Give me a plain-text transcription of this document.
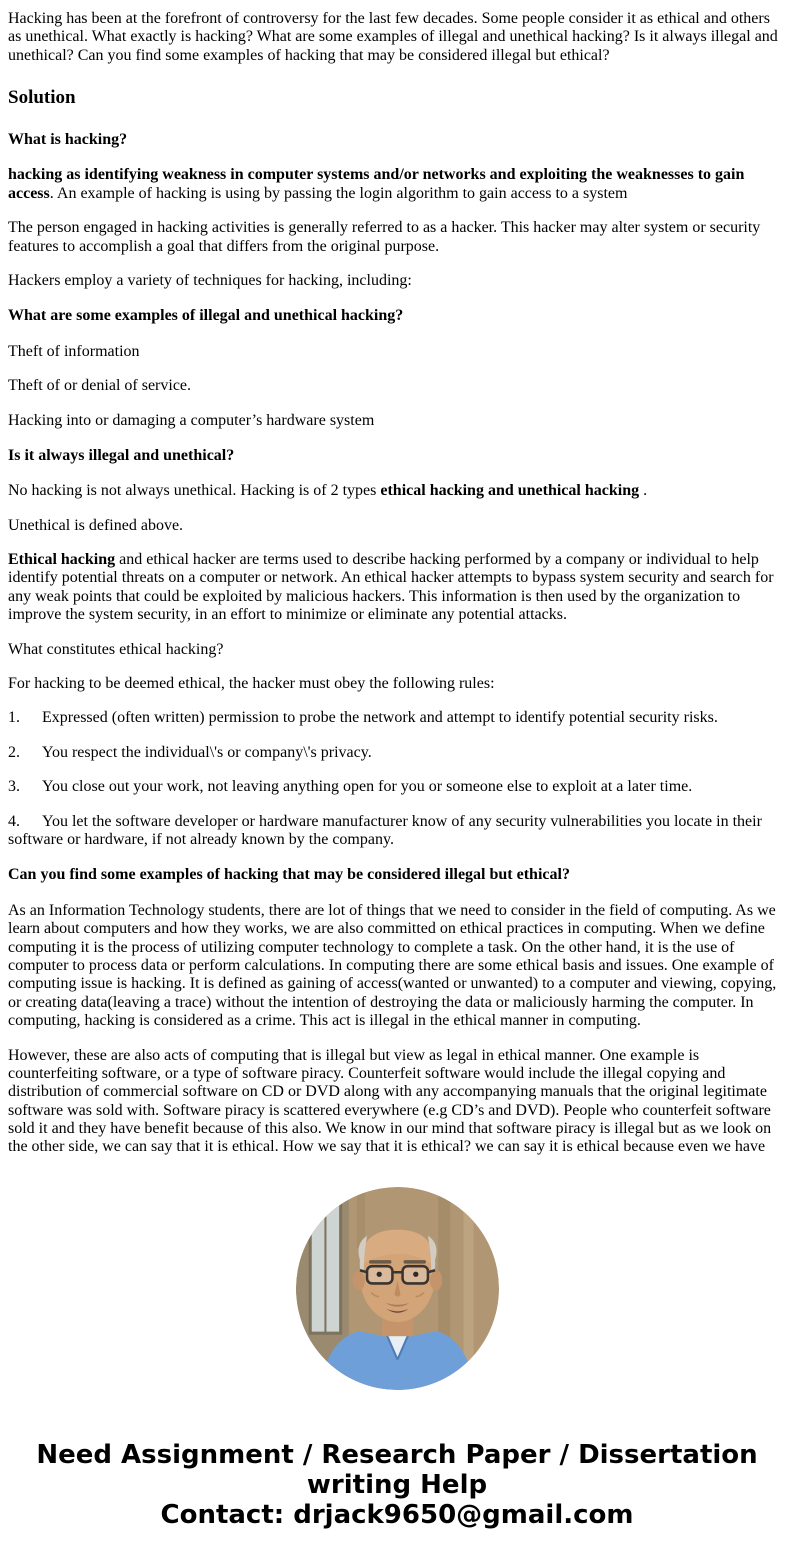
Hacking has been at the forefront of controversy for the last few decades. Some people consider it as ethical and others as unethical. What exactly is hacking? What are some examples of illegal and unethical hacking? Is it always illegal and unethical? Can you find some examples of hacking that may be considered illegal but ethical?

Solution

What is hacking?

hacking as identifying weakness in computer systems and/or networks and exploiting the weaknesses to gain access. An example of hacking is using by passing the login algorithm to gain access to a system

The person engaged in hacking activities is generally referred to as a hacker. This hacker may alter system or security features to accomplish a goal that differs from the original purpose.

Hackers employ a variety of techniques for hacking, including:

What are some examples of illegal and unethical hacking?

Theft of information

Theft of or denial of service.

Hacking into or damaging a computer’s hardware system

Is it always illegal and unethical?

No hacking is not always unethical. Hacking is of 2 types ethical hacking and unethical hacking .

Unethical is defined above.

Ethical hacking and ethical hacker are terms used to describe hacking performed by a company or individual to help identify potential threats on a computer or network. An ethical hacker attempts to bypass system security and search for any weak points that could be exploited by malicious hackers. This information is then used by the organization to improve the system security, in an effort to minimize or eliminate any potential attacks.

What constitutes ethical hacking?

For hacking to be deemed ethical, the hacker must obey the following rules:

1. Expressed (often written) permission to probe the network and attempt to identify potential security risks.

2. You respect the individual\'s or company\'s privacy.

3. You close out your work, not leaving anything open for you or someone else to exploit at a later time.

4. You let the software developer or hardware manufacturer know of any security vulnerabilities you locate in their software or hardware, if not already known by the company.

Can you find some examples of hacking that may be considered illegal but ethical?

As an Information Technology students, there are lot of things that we need to consider in the field of computing. As we learn about computers and how they works, we are also committed on ethical practices in computing. When we define computing it is the process of utilizing computer technology to complete a task. On the other hand, it is the use of computer to process data or perform calculations. In computing there are some ethical basis and issues. One example of computing issue is hacking. It is defined as gaining of access(wanted or unwanted) to a computer and viewing, copying, or creating data(leaving a trace) without the intention of destroying the data or maliciously harming the computer. In computing, hacking is considered as a crime. This act is illegal in the ethical manner in computing.

However, these are also acts of computing that is illegal but view as legal in ethical manner. One example is counterfeiting software, or a type of software piracy. Counterfeit software would include the illegal copying and distribution of commercial software on CD or DVD along with any accompanying manuals that the original legitimate software was sold with. Software piracy is scattered everywhere (e.g CD’s and DVD). People who counterfeit software sold it and they have benefit because of this also. We know in our mind that software piracy is illegal but as we look on the other side, we can say that it is ethical. How we say that it is ethical? we can say it is ethical because even we have

Need Assignment / Research Paper / Dissertation writing Help
Contact: drjack9650@gmail.com
